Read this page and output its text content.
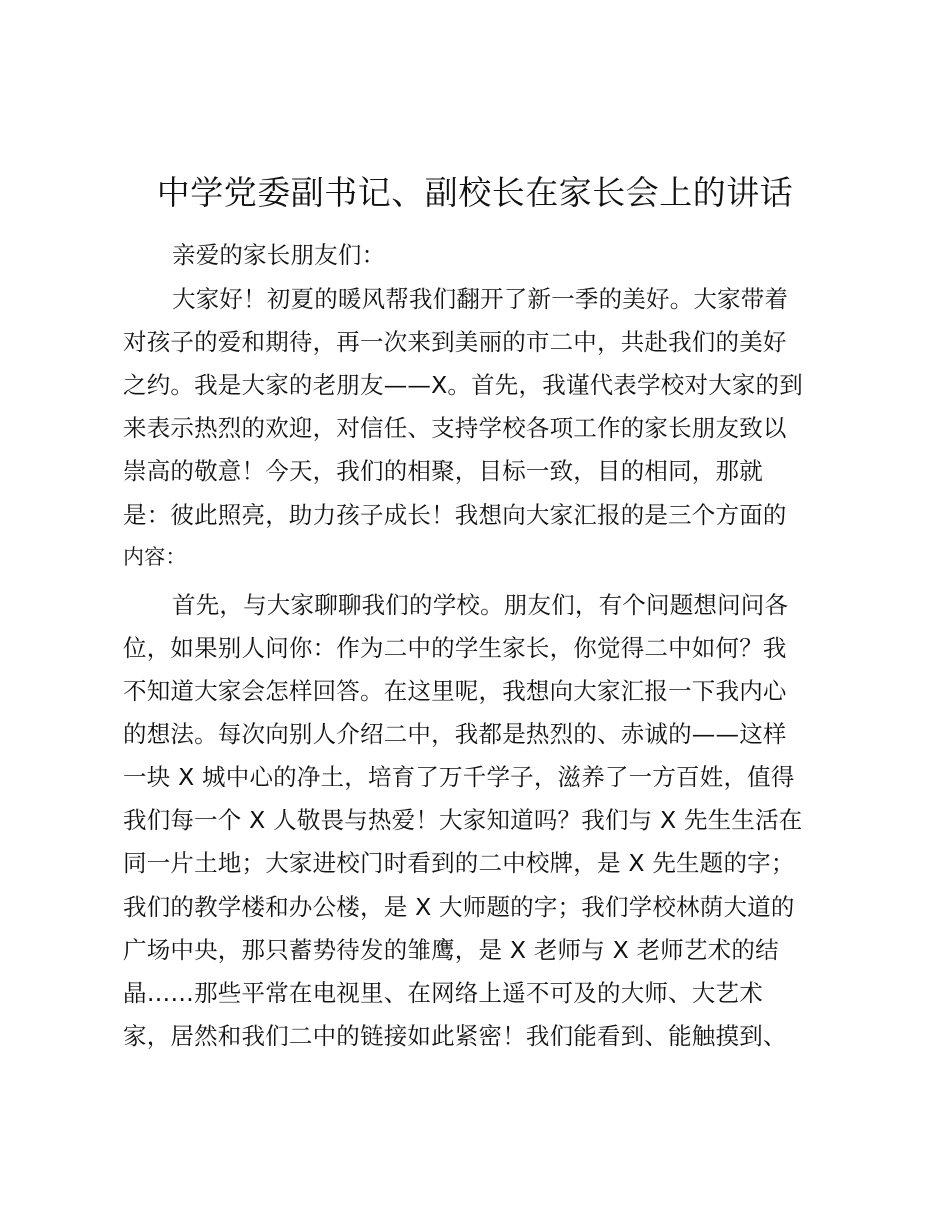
中学党委副书记、副校长在家长会上的讲话
亲爱的家长朋友们：
大家好！初夏的暖风帮我们翻开了新一季的美好。大家带着
对孩子的爱和期待，再一次来到美丽的市二中，共赴我们的美好
之约。我是大家的老朋友——X。首先，我谨代表学校对大家的到
来表示热烈的欢迎，对信任、支持学校各项工作的家长朋友致以
崇高的敬意！今天，我们的相聚，目标一致，目的相同，那就
是：彼此照亮，助力孩子成长！我想向大家汇报的是三个方面的
内容：
首先，与大家聊聊我们的学校。朋友们，有个问题想问问各
位，如果别人问你：作为二中的学生家长，你觉得二中如何？我
不知道大家会怎样回答。在这里呢，我想向大家汇报一下我内心
的想法。每次向别人介绍二中，我都是热烈的、赤诚的——这样
一块 X 城中心的净土，培育了万千学子，滋养了一方百姓，值得
我们每一个 X 人敬畏与热爱！大家知道吗？我们与 X 先生生活在
同一片土地；大家进校门时看到的二中校牌，是 X 先生题的字；
我们的教学楼和办公楼，是 X 大师题的字；我们学校林荫大道的
广场中央，那只蓄势待发的雏鹰，是 X 老师与 X 老师艺术的结
晶……那些平常在电视里、在网络上遥不可及的大师、大艺术
家，居然和我们二中的链接如此紧密！我们能看到、能触摸到、
